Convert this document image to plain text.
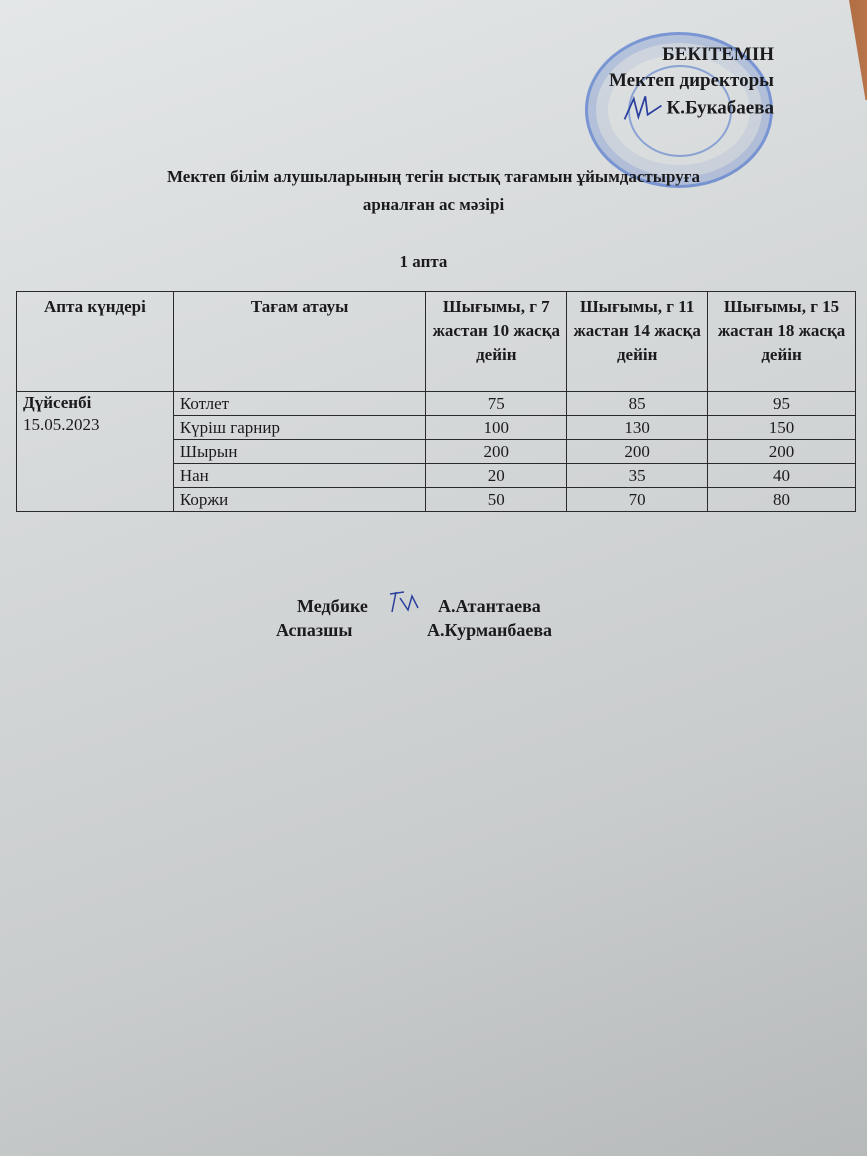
БЕКІТЕМІН
Мектеп директоры
К.Букабаева
Мектеп білім алушыларының тегін ыстық тағамын ұйымдастыруға
арналған ас мәзірі
1 апта
Апта күндері	Тағам атауы	Шығымы, г 7 жастан 10 жасқа дейін	Шығымы, г 11 жастан 14 жасқа дейін	Шығымы, г 15 жастан 18 жасқа дейін

Дүйсенбі
15.05.2023	Котлет	75	85	95
	Күріш гарнир	100	130	150
	Шырын	200	200	200
	Нан	20	35	40
	Коржи	50	70	80
Медбике	А.Атантаева
Аспазшы	А.Курманбаева
